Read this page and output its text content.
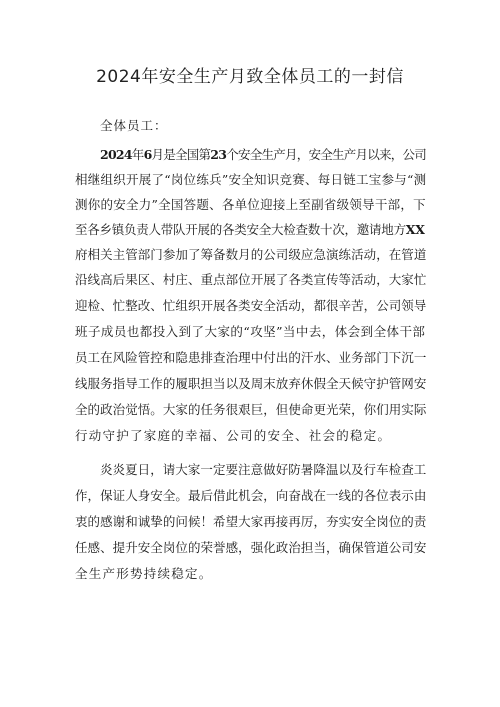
2024年安全生产月致全体员工的一封信
全体员工：
2024年6月是全国第23个安全生产月，安全生产月以来，公司
相继组织开展了“岗位练兵”安全知识竞赛、每日链工宝参与“测
测你的安全力”全国答题、各单位迎接上至副省级领导干部，下
至各乡镇负责人带队开展的各类安全大检查数十次，邀请地方XX
府相关主管部门参加了筹备数月的公司级应急演练活动，在管道
沿线高后果区、村庄、重点部位开展了各类宣传等活动，大家忙
迎检、忙整改、忙组织开展各类安全活动，都很辛苦，公司领导
班子成员也都投入到了大家的“攻坚”当中去，体会到全体干部
员工在风险管控和隐患排查治理中付出的汗水、业务部门下沉一
线服务指导工作的履职担当以及周末放弃休假全天候守护管网安
全的政治觉悟。大家的任务很艰巨，但使命更光荣，你们用实际
行动守护了家庭的幸福、公司的安全、社会的稳定。
炎炎夏日，请大家一定要注意做好防暑降温以及行车检查工
作，保证人身安全。最后借此机会，向奋战在一线的各位表示由
衷的感谢和诚挚的问候！希望大家再接再厉，夯实安全岗位的责
任感、提升安全岗位的荣誉感，强化政治担当，确保管道公司安
全生产形势持续稳定。
